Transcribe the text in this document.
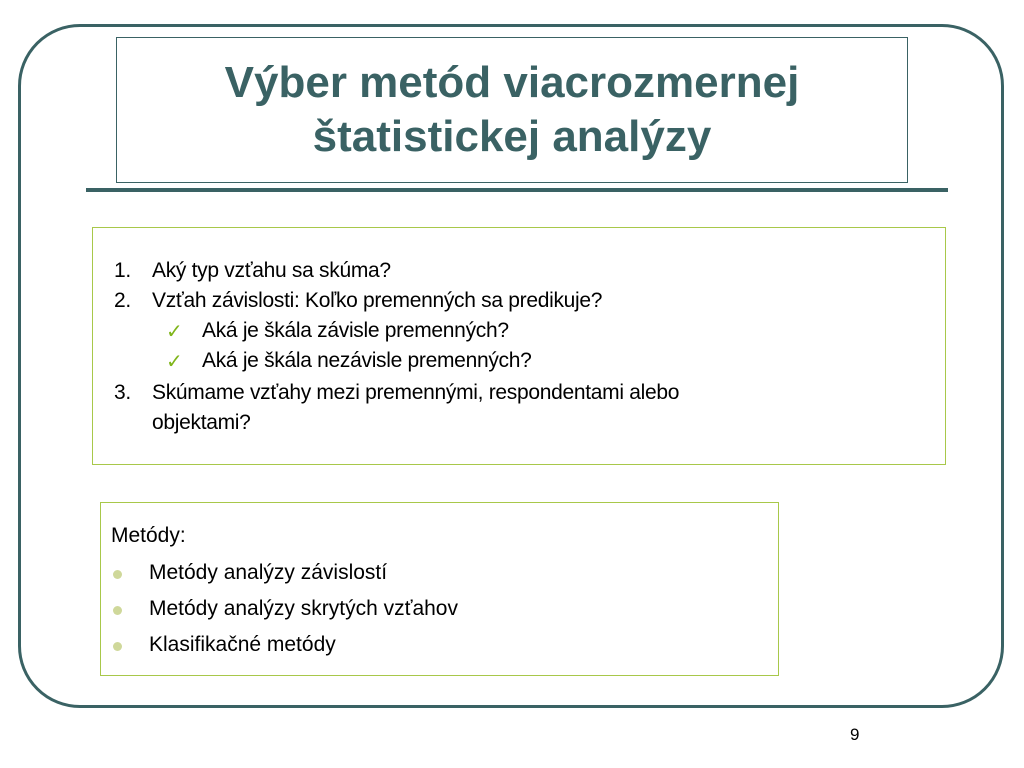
Výber metód viacrozmernej
štatistickej analýzy
1. Aký typ vzťahu sa skúma?
2. Vzťah závislosti: Koľko premenných sa predikuje?
✓ Aká je škála závisle premenných?
✓ Aká je škála nezávisle premenných?
3. Skúmame vzťahy mezi premennými, respondentami alebo
objektami?
Metódy:
Metódy analýzy závislostí
Metódy analýzy skrytých vzťahov
Klasifikačné metódy
9
